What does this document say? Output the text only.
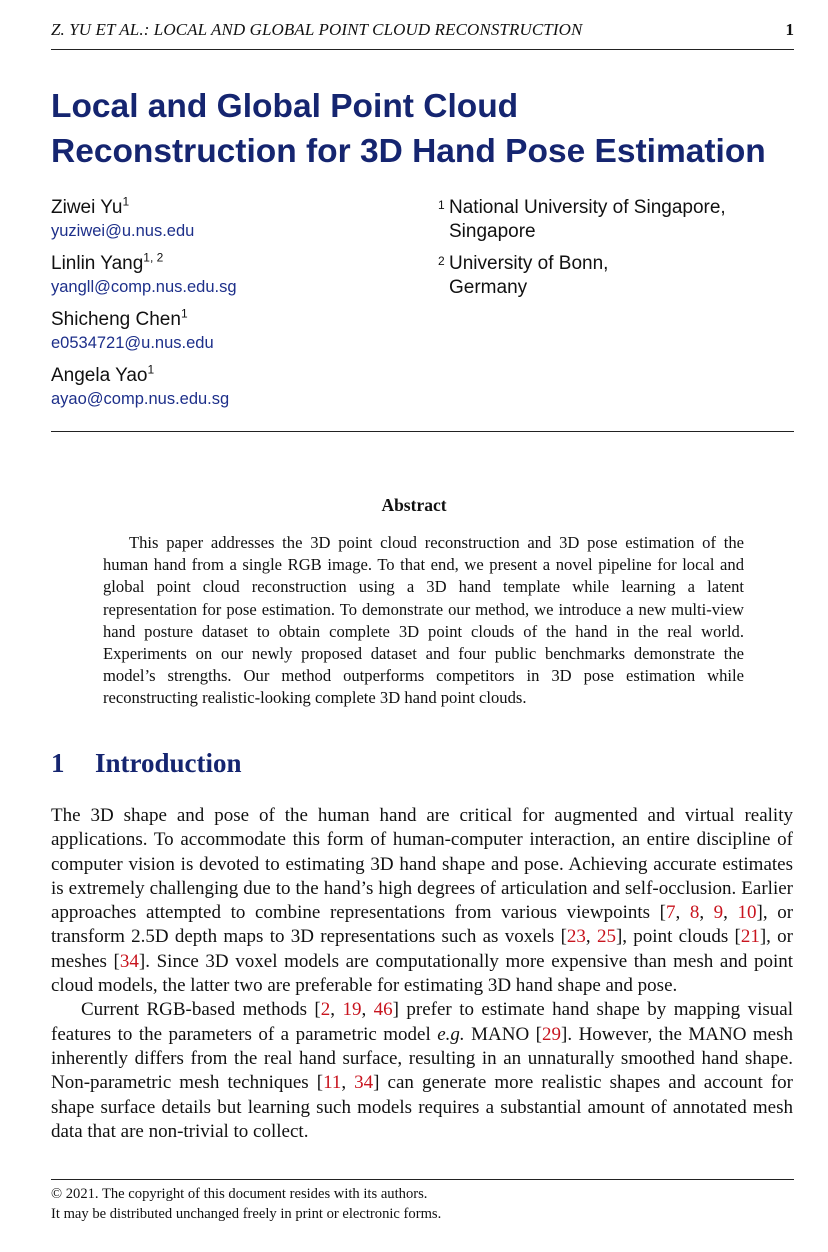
Z. YU ET AL.: LOCAL AND GLOBAL POINT CLOUD RECONSTRUCTION	1
Local and Global Point Cloud
Reconstruction for 3D Hand Pose Estimation
Ziwei Yu$^1$
yuziwei@u.nus.edu
Linlin Yang$^{1, 2}$
yangll@comp.nus.edu.sg
Shicheng Chen$^1$
e0534721@u.nus.edu
Angela Yao$^1$
ayao@comp.nus.edu.sg
1 National University of Singapore,
Singapore
2 University of Bonn,
Germany
Abstract
This paper addresses the 3D point cloud reconstruction and 3D pose estimation of the human hand from a single RGB image. To that end, we present a novel pipeline for local and global point cloud reconstruction using a 3D hand template while learning a latent representation for pose estimation. To demonstrate our method, we introduce a new multi-view hand posture dataset to obtain complete 3D point clouds of the hand in the real world. Experiments on our newly proposed dataset and four public benchmarks demonstrate the model’s strengths. Our method outperforms competitors in 3D pose estimation while reconstructing realistic-looking complete 3D hand point clouds.
1 Introduction

The 3D shape and pose of the human hand are critical for augmented and virtual reality applications. To accommodate this form of human-computer interaction, an entire discipline of computer vision is devoted to estimating 3D hand shape and pose. Achieving accurate estimates is extremely challenging due to the hand’s high degrees of articulation and self-occlusion. Earlier approaches attempted to combine representations from various viewpoints [7, 8, 9, 10], or transform 2.5D depth maps to 3D representations such as voxels [23, 25], point clouds [21], or meshes [34]. Since 3D voxel models are computationally more expensive than mesh and point cloud models, the latter two are preferable for estimating 3D hand shape and pose.

Current RGB-based methods [2, 19, 46] prefer to estimate hand shape by mapping visual features to the parameters of a parametric model e.g. MANO [29]. However, the MANO mesh inherently differs from the real hand surface, resulting in an unnaturally smoothed hand shape. Non-parametric mesh techniques [11, 34] can generate more realistic shapes and account for shape surface details but learning such models requires a substantial amount of annotated mesh data that are non-trivial to collect.

© 2021. The copyright of this document resides with its authors.
It may be distributed unchanged freely in print or electronic forms.
